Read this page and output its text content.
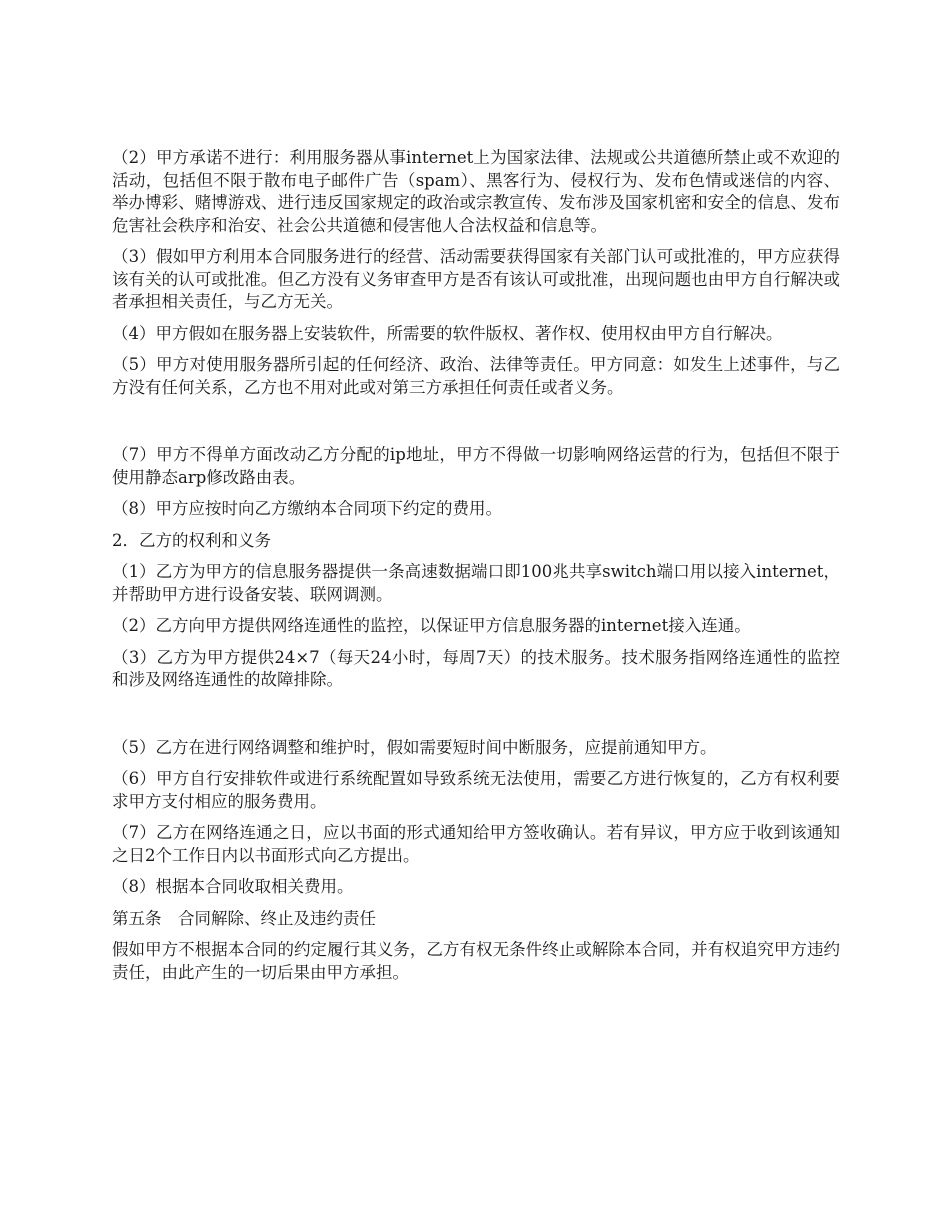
（2）甲方承诺不进行：利用服务器从事internet上为国家法律、法规或公共道德所禁止或不欢迎的活动，包括但不限于散布电子邮件广告（spam）、黑客行为、侵权行为、发布色情或迷信的内容、举办博彩、赌博游戏、进行违反国家规定的政治或宗教宣传、发布涉及国家机密和安全的信息、发布危害社会秩序和治安、社会公共道德和侵害他人合法权益和信息等。

（3）假如甲方利用本合同服务进行的经营、活动需要获得国家有关部门认可或批准的，甲方应获得该有关的认可或批准。但乙方没有义务审查甲方是否有该认可或批准，出现问题也由甲方自行解决或者承担相关责任，与乙方无关。

（4）甲方假如在服务器上安装软件，所需要的软件版权、著作权、使用权由甲方自行解决。

（5）甲方对使用服务器所引起的任何经济、政治、法律等责任。甲方同意：如发生上述事件，与乙方没有任何关系，乙方也不用对此或对第三方承担任何责任或者义务。

（7）甲方不得单方面改动乙方分配的ip地址，甲方不得做一切影响网络运营的行为，包括但不限于使用静态arp修改路由表。

（8）甲方应按时向乙方缴纳本合同项下约定的费用。

2．乙方的权利和义务

（1）乙方为甲方的信息服务器提供一条高速数据端口即100兆共享switch端口用以接入internet，并帮助甲方进行设备安装、联网调测。

（2）乙方向甲方提供网络连通性的监控，以保证甲方信息服务器的internet接入连通。

（3）乙方为甲方提供24×7（每天24小时，每周7天）的技术服务。技术服务指网络连通性的监控和涉及网络连通性的故障排除。

（5）乙方在进行网络调整和维护时，假如需要短时间中断服务，应提前通知甲方。

（6）甲方自行安排软件或进行系统配置如导致系统无法使用，需要乙方进行恢复的，乙方有权利要求甲方支付相应的服务费用。

（7）乙方在网络连通之日，应以书面的形式通知给甲方签收确认。若有异议，甲方应于收到该通知之日2个工作日内以书面形式向乙方提出。

（8）根据本合同收取相关费用。

第五条　合同解除、终止及违约责任

假如甲方不根据本合同的约定履行其义务，乙方有权无条件终止或解除本合同，并有权追究甲方违约责任，由此产生的一切后果由甲方承担。
